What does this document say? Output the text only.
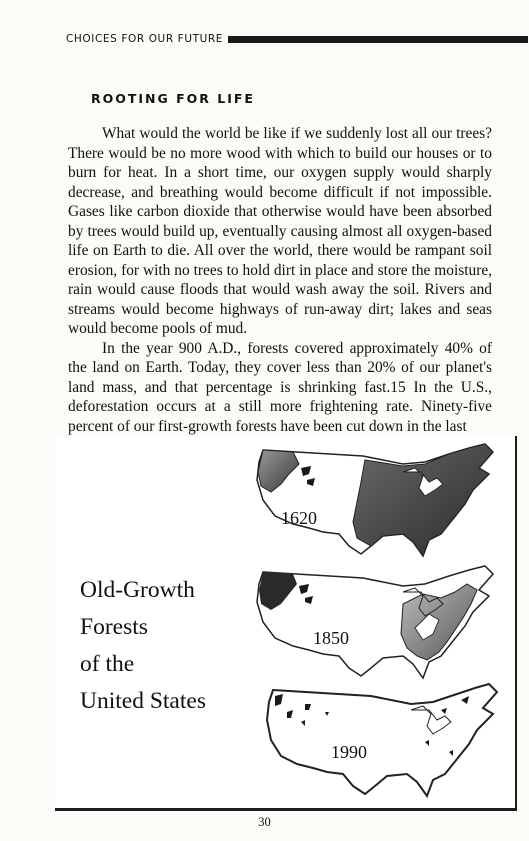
CHOICES FOR OUR FUTURE
ROOTING FOR LIFE

What would the world be like if we suddenly lost all our trees? There would be no more wood with which to build our houses or to burn for heat. In a short time, our oxygen supply would sharply decrease, and breathing would become difficult if not impossible. Gases like carbon dioxide that otherwise would have been absorbed by trees would build up, eventually causing almost all oxygen-based life on Earth to die. All over the world, there would be rampant soil erosion, for with no trees to hold dirt in place and store the moisture, rain would cause floods that would wash away the soil. Rivers and streams would become highways of run-away dirt; lakes and seas would become pools of mud.

In the year 900 A.D., forests covered approximately 40% of the land on Earth. Today, they cover less than 20% of our planet's land mass, and that percentage is shrinking fast.15 In the U.S., deforestation occurs at a still more frightening rate. Ninety-five percent of our first-growth forests have been cut down in the last

Old-Growth
Forests
of the
United States
1620
1850
1990
30
